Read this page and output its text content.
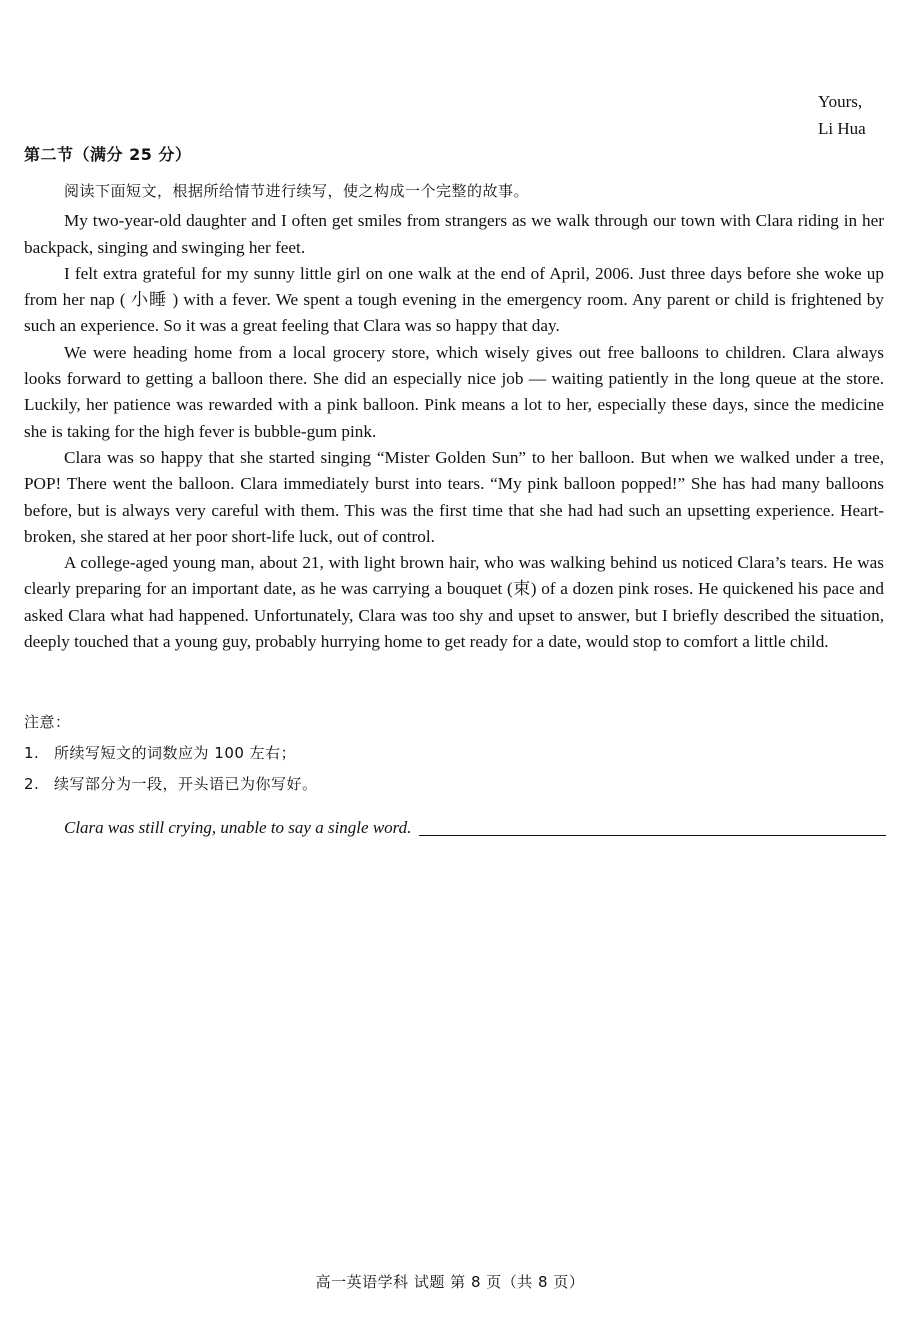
Yours,
Li Hua
第二节（满分 25 分）

阅读下面短文，根据所给情节进行续写，使之构成一个完整的故事。

My two-year-old daughter and I often get smiles from strangers as we walk through our town with Clara riding in her backpack, singing and swinging her feet.

I felt extra grateful for my sunny little girl on one walk at the end of April, 2006. Just three days before she woke up from her nap ( 小睡 ) with a fever. We spent a tough evening in the emergency room. Any parent or child is frightened by such an experience. So it was a great feeling that Clara was so happy that day.

We were heading home from a local grocery store, which wisely gives out free balloons to children. Clara always looks forward to getting a balloon there. She did an especially nice job — waiting patiently in the long queue at the store. Luckily, her patience was rewarded with a pink balloon. Pink means a lot to her, especially these days, since the medicine she is taking for the high fever is bubble-gum pink.

Clara was so happy that she started singing “Mister Golden Sun” to her balloon. But when we walked under a tree, POP! There went the balloon. Clara immediately burst into tears. “My pink balloon popped!” She has had many balloons before, but is always very careful with them. This was the first time that she had had such an upsetting experience. Heart-broken, she stared at her poor short-life luck, out of control.

A college-aged young man, about 21, with light brown hair, who was walking behind us noticed Clara’s tears. He was clearly preparing for an important date, as he was carrying a bouquet (束) of a dozen pink roses. He quickened his pace and asked Clara what had happened. Unfortunately, Clara was too shy and upset to answer, but I briefly described the situation, deeply touched that a young guy, probably hurrying home to get ready for a date, would stop to comfort a little child.

注意：
1. 所续写短文的词数应为 100 左右；
2. 续写部分为一段，开头语已为你写好。
Clara was still crying, unable to say a single word.
高一英语学科 试题 第 8 页（共 8 页）
